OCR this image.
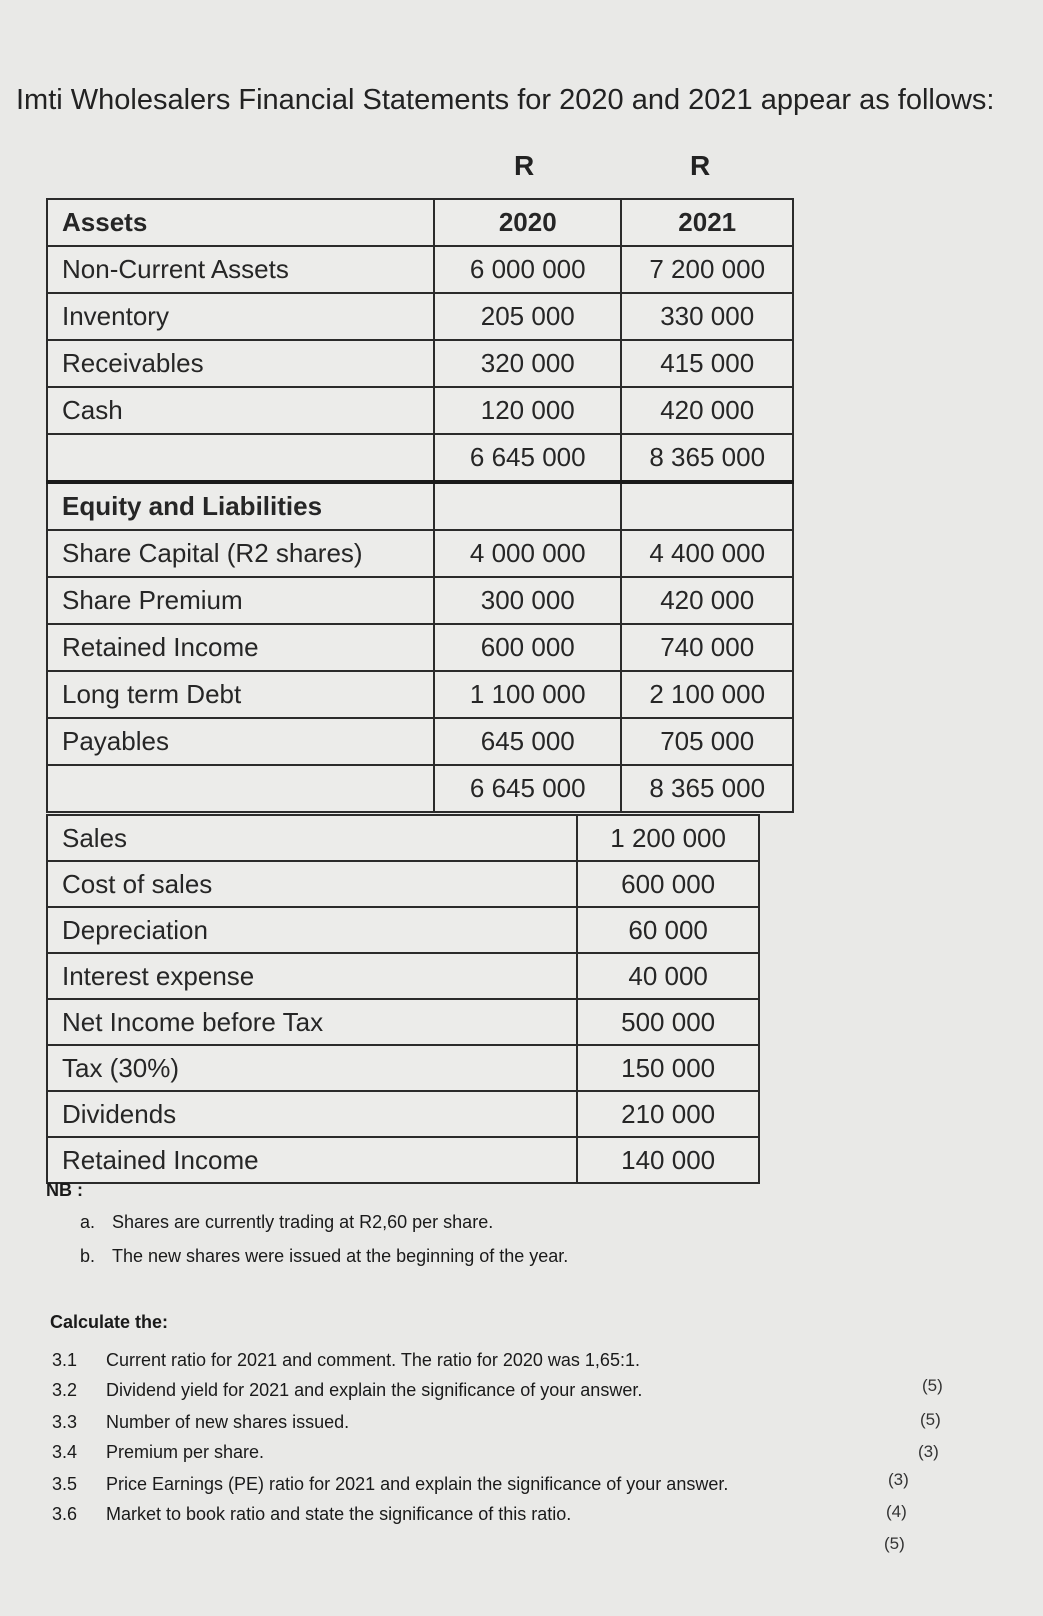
Imti Wholesalers Financial Statements for 2020 and 2021 appear as follows:
R	R
Assets	2020	2021
Non-Current Assets	6 000 000	7 200 000
Inventory	205 000	330 000
Receivables	320 000	415 000
Cash	120 000	420 000
	6 645 000	8 365 000
Equity and Liabilities		
Share Capital (R2 shares)	4 000 000	4 400 000
Share Premium	300 000	420 000
Retained Income	600 000	740 000
Long term Debt	1 100 000	2 100 000
Payables	645 000	705 000
	6 645 000	8 365 000
Sales	1 200 000
Cost of sales	600 000
Depreciation	60 000
Interest expense	40 000
Net Income before Tax	500 000
Tax (30%)	150 000
Dividends	210 000
Retained Income	140 000
NB :
a. Shares are currently trading at R2,60 per share.
b. The new shares were issued at the beginning of the year.
Calculate the:
3.1 Current ratio for 2021 and comment. The ratio for 2020 was 1,65:1.
3.2 Dividend yield for 2021 and explain the significance of your answer.
3.3 Number of new shares issued.
3.4 Premium per share.
3.5 Price Earnings (PE) ratio for 2021 and explain the significance of your answer.
3.6 Market to book ratio and state the significance of this ratio.
(5)
(5)
(3)
(3)
(4)
(5)
